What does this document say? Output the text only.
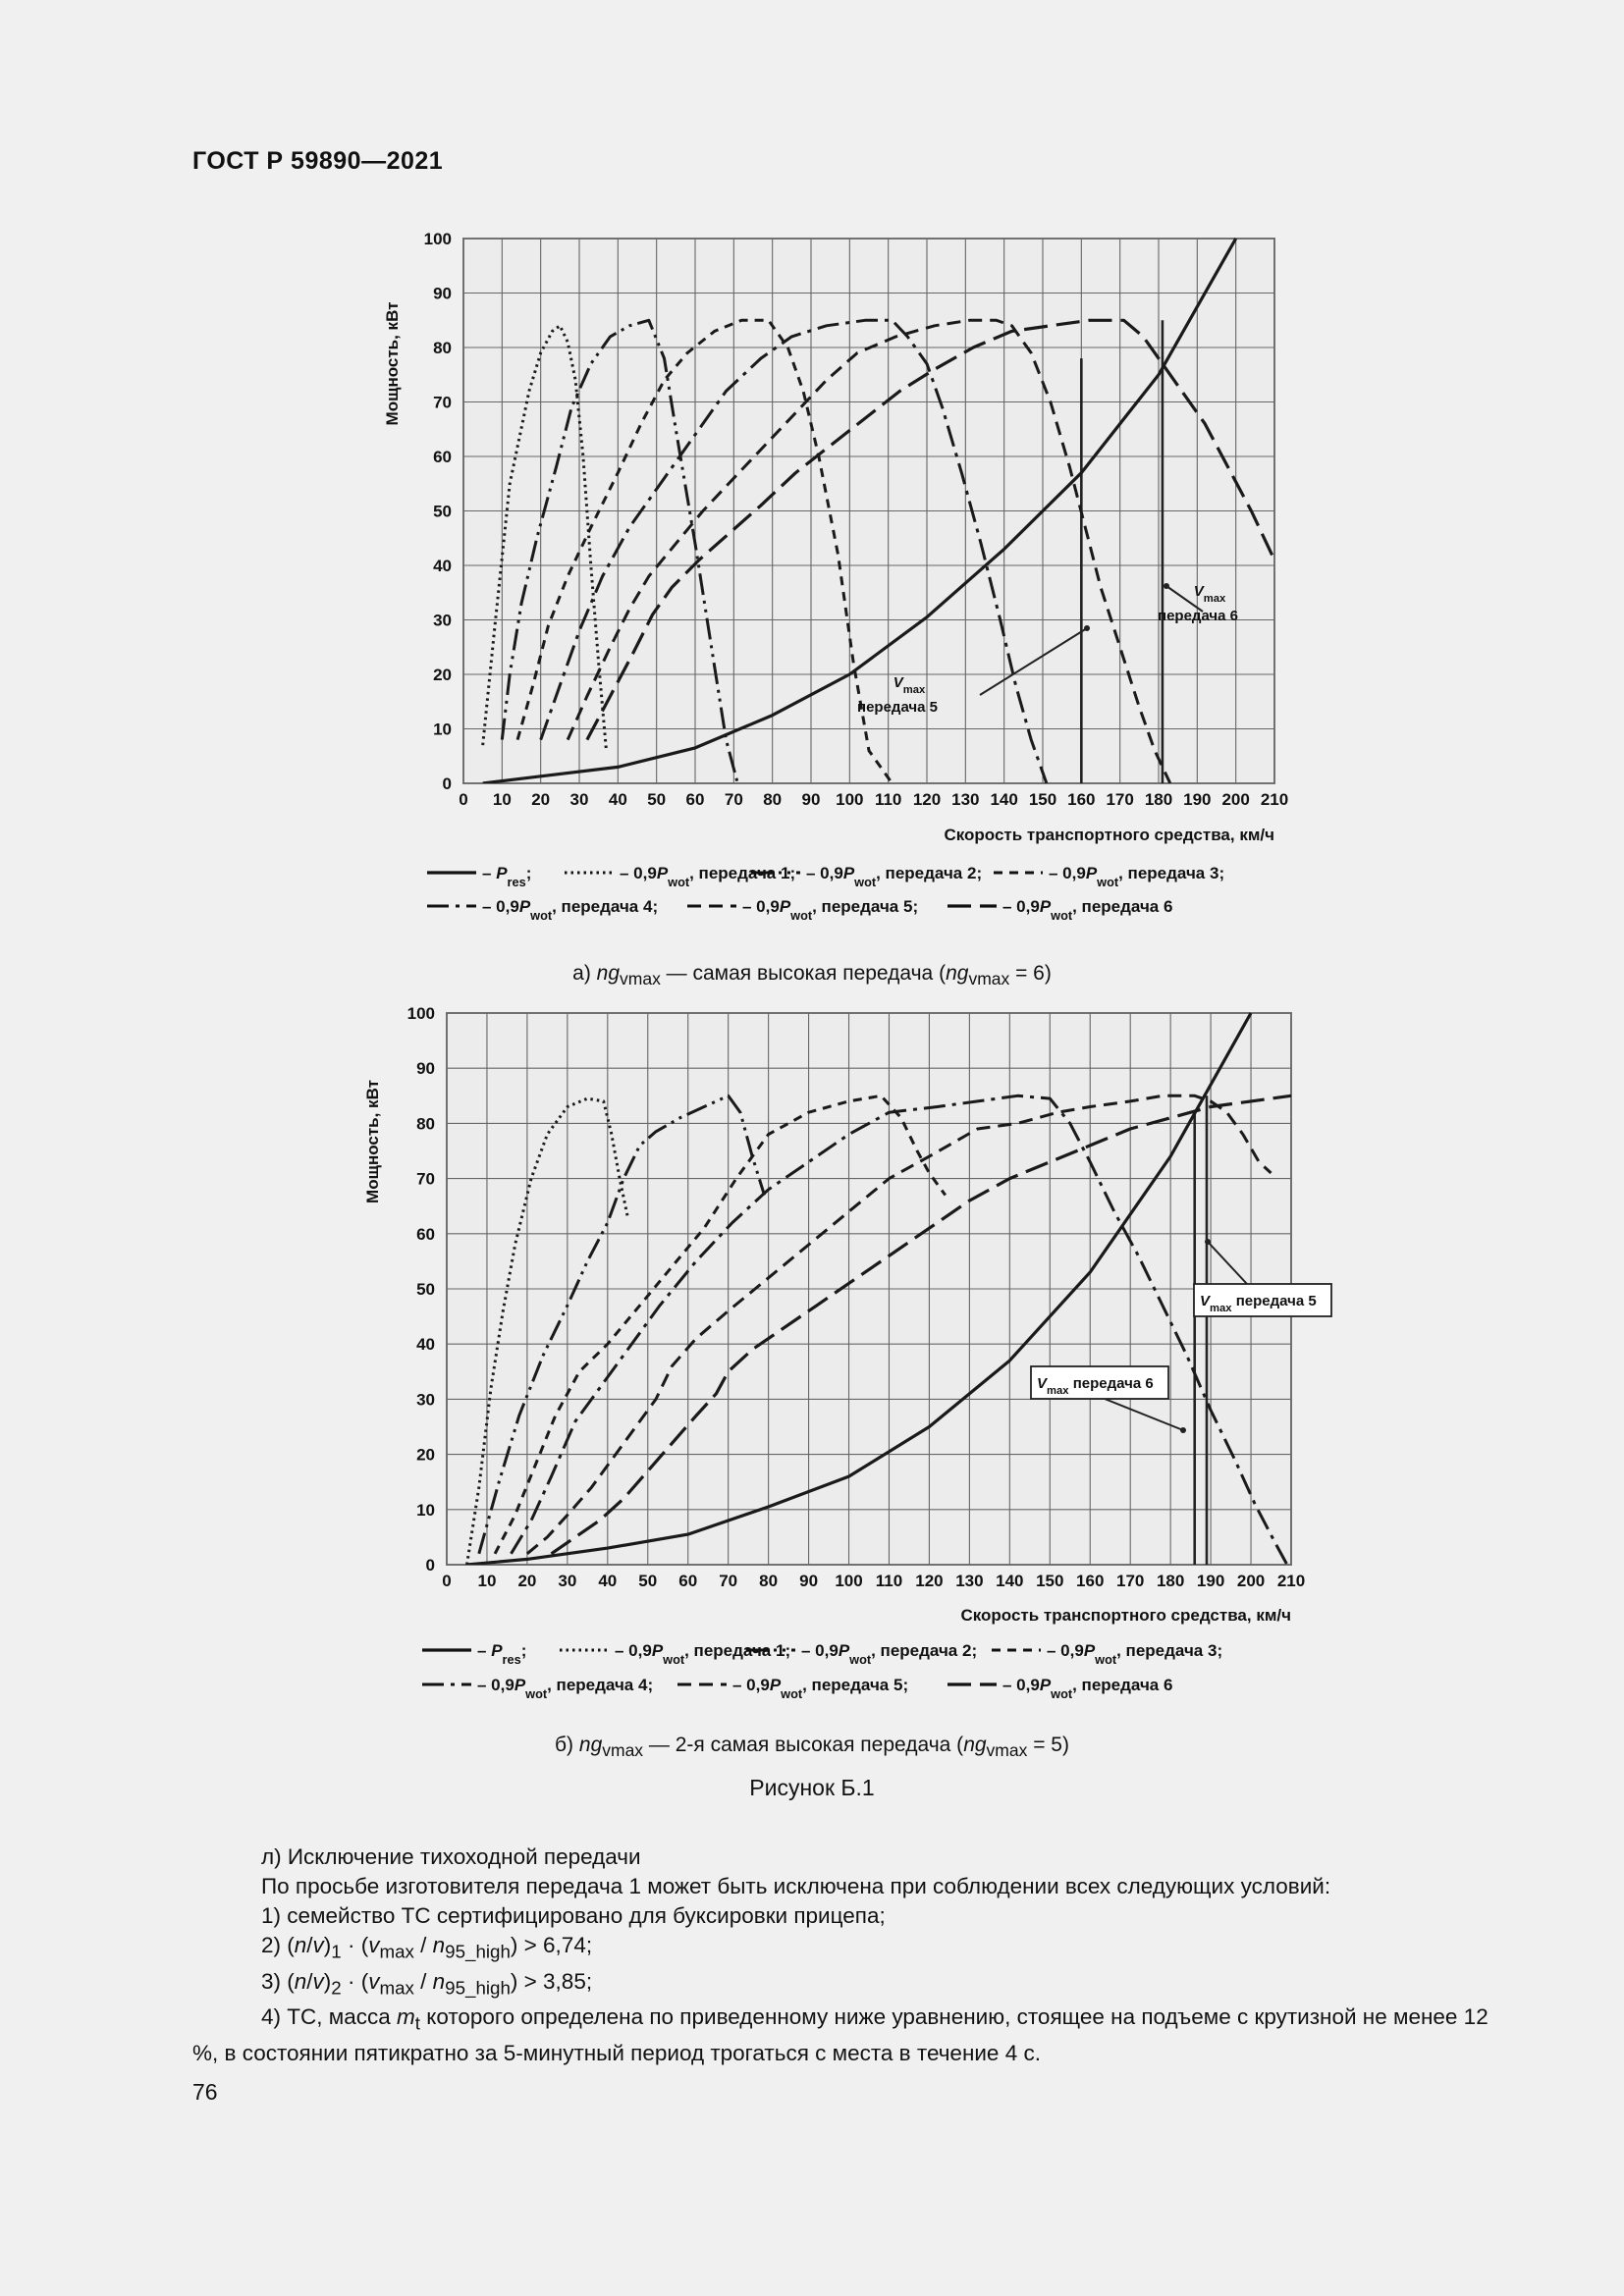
ГОСТ Р 59890—2021
0 10 20 30 40 50 60 70 80 90 100 110 120 130 140 150 160 170 180 190 200 210
0
10
20
30
40
50
60
70
80
90
100
Скорость транспортного средства, км/ч
Мощность, кВт
$V_{max}$
передача 5
$V_{max}$
передача 6
– $P_{res}$;	– $0,9P_{wot}$, передача 1; – $0,9P_{wot}$, передача 2;	– $0,9P_{wot}$, передача 3;
– $0,9P_{wot}$, передача 4;	– $0,9P_{wot}$, передача 5;	– $0,9P_{wot}$, передача 6
а) $ng_{vmax}$ — самая высокая передача $(ng_{vmax} = 6)$
0 10 20 30 40 50 60 70 80 90 100 110 120 130 140 150 160 170 180 190 200 210
0
10
20
30
40
50
60
70
80
90
100
Скорость транспортного средства, км/ч
Мощность, кВт
$V_{max}$ передача 5
$V_{max}$ передача 6
– $P_{res}$;	– $0,9P_{wot}$, передача 1; – $0,9P_{wot}$, передача 2;	– $0,9P_{wot}$, передача 3;
– $0,9P_{wot}$, передача 4;	– $0,9P_{wot}$, передача 5;	– $0,9P_{wot}$, передача 6
б) $ng_{vmax}$ — 2-я самая высокая передача $(ng_{vmax} = 5)$
Рисунок Б.1

л) Исключение тихоходной передачи

По просьбе изготовителя передача 1 может быть исключена при соблюдении всех следующих условий:

1) семейство ТС сертифицировано для буксировки прицепа;

2) $(n/v)_1 \cdot (v_{max} / n_{95\_high}) > 6,74$;

3) $(n/v)_2 \cdot (v_{max} / n_{95\_high}) > 3,85$;

4) ТС, масса $m_t$ которого определена по приведенному ниже уравнению, стоящее на подъеме с крутизной не менее 12 %, в состоянии пятикратно за 5-минутный период трогаться с места в течение 4 с.

76
